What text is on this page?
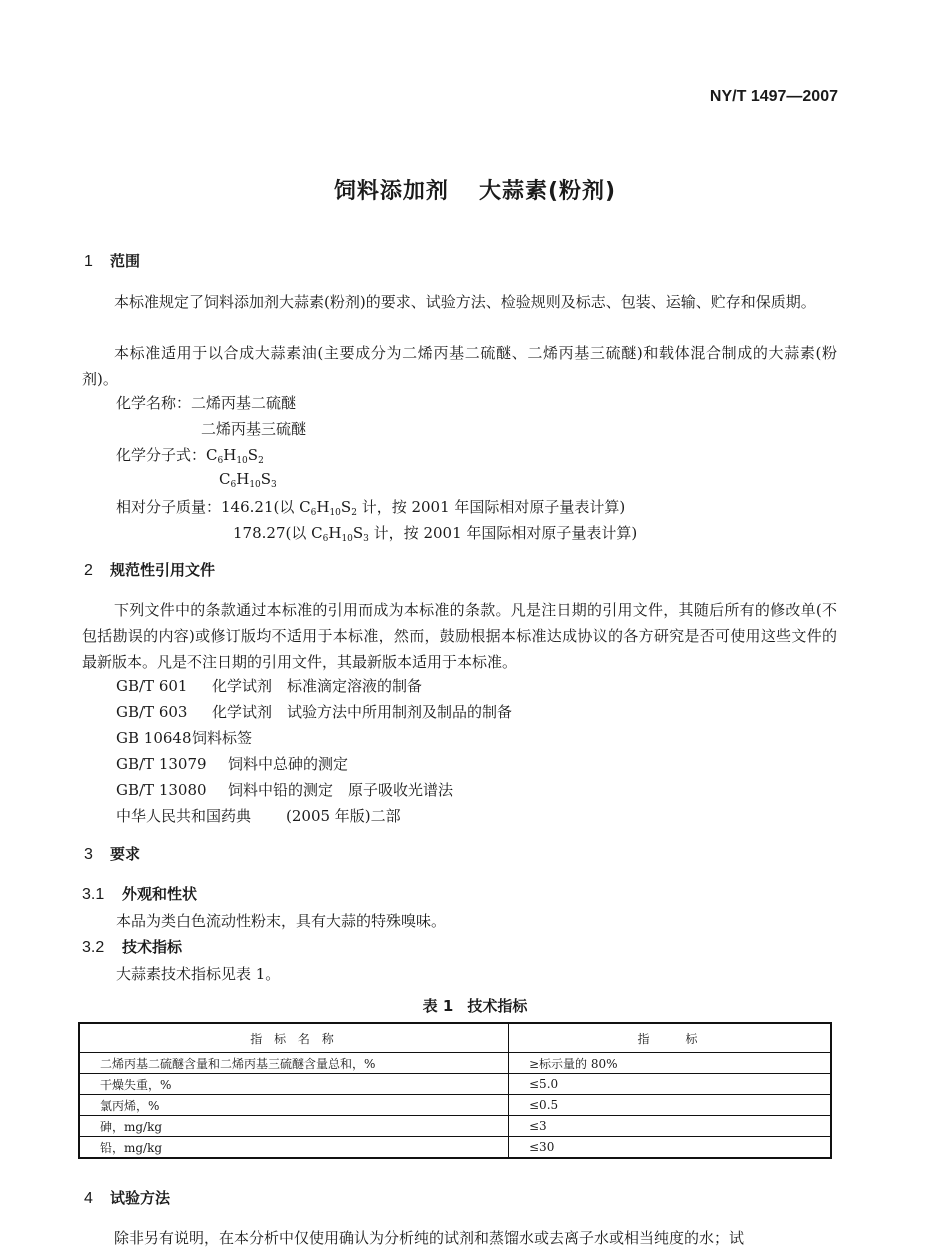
NY/T 1497—2007
饲料添加剂 大蒜素(粉剂)
1 范围
本标准规定了饲料添加剂大蒜素(粉剂)的要求、试验方法、检验规则及标志、包装、运输、贮存和保质期。
本标准适用于以合成大蒜素油(主要成分为二烯丙基二硫醚、二烯丙基三硫醚)和载体混合制成的大蒜素(粉剂)。
化学名称：二烯丙基二硫醚
二烯丙基三硫醚
化学分子式：$C_6H_{10}S_2$
$C_6H_{10}S_3$
相对分子质量：146.21(以 $C_6H_{10}S_2$ 计，按 2001 年国际相对原子量表计算)
178.27(以 $C_6H_{10}S_3$ 计，按 2001 年国际相对原子量表计算)
2 规范性引用文件
下列文件中的条款通过本标准的引用而成为本标准的条款。凡是注日期的引用文件，其随后所有的修改单(不包括勘误的内容)或修订版均不适用于本标准，然而，鼓励根据本标准达成协议的各方研究是否可使用这些文件的最新版本。凡是不注日期的引用文件，其最新版本适用于本标准。
GB/T 601 化学试剂　标准滴定溶液的制备
GB/T 603 化学试剂　试验方法中所用制剂及制品的制备
GB 10648饲料标签
GB/T 13079 饲料中总砷的测定
GB/T 13080 饲料中铅的测定　原子吸收光谱法
中华人民共和国药典 (2005 年版)二部
3 要求
3.1 外观和性状
本品为类白色流动性粉末，具有大蒜的特殊嗅味。
3.2 技术指标
大蒜素技术指标见表 1。
表 1 技术指标
指 标 名 称	指　　标
二烯丙基二硫醚含量和二烯丙基三硫醚含量总和，%	≥标示量的 80%
干燥失重，%	≤5.0
氯丙烯，%	≤0.5
砷，mg/kg	≤3
铅，mg/kg	≤30
4 试验方法
除非另有说明，在本分析中仅使用确认为分析纯的试剂和蒸馏水或去离子水或相当纯度的水；试
